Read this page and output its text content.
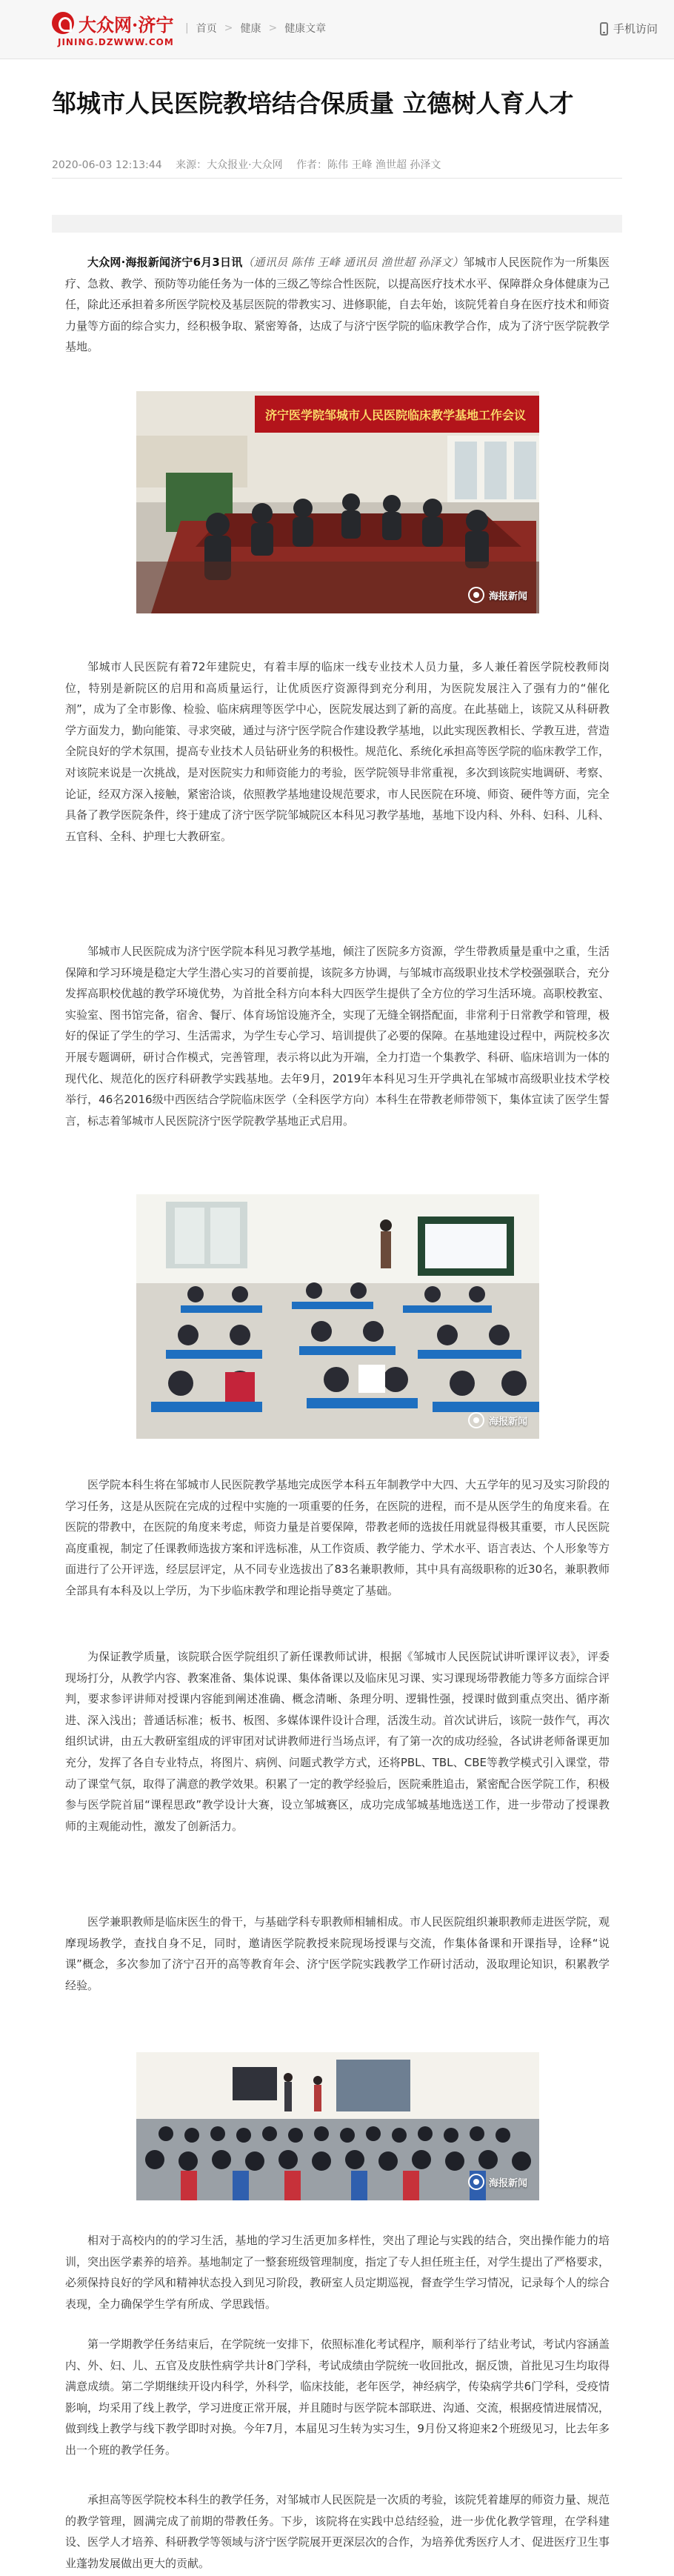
大众网·济宁
JINING.DZWWW.COM
| 首页 > 健康 > 健康文章	手机访问
邹城市人民医院教培结合保质量 立德树人育人才
2020-06-03 12:13:44 来源：大众报业·大众网 作者：陈伟 王峰 渔世超 孙泽文

大众网·海报新闻济宁6月3日讯（通讯员 陈伟 王峰 通讯员 渔世超 孙泽文）邹城市人民医院作为一所集医疗、急救、教学、预防等功能任务为一体的三级乙等综合性医院，以提高医疗技术水平、保障群众身体健康为己任，除此还承担着多所医学院校及基层医院的带教实习、进修职能，自去年始，该院凭着自身在医疗技术和师资力量等方面的综合实力，经积极争取、紧密筹备，达成了与济宁医学院的临床教学合作，成为了济宁医学院教学基地。

济宁医学院邹城市人民医院临床教学基地工作会议
海报新闻

邹城市人民医院有着72年建院史，有着丰厚的临床一线专业技术人员力量，多人兼任着医学院校教师岗位，特别是新院区的启用和高质量运行，让优质医疗资源得到充分利用，为医院发展注入了强有力的“催化剂”，成为了全市影像、检验、临床病理等医学中心，医院发展达到了新的高度。在此基础上，该院又从科研教学方面发力，勤向能策、寻求突破，通过与济宁医学院合作建设教学基地，以此实现医教相长、学教互进，营造全院良好的学术氛围，提高专业技术人员钻研业务的积极性。规范化、系统化承担高等医学院的临床教学工作，对该院来说是一次挑战，是对医院实力和师资能力的考验，医学院领导非常重视，多次到该院实地调研、考察、论证，经双方深入接触，紧密洽谈，依照教学基地建设规范要求，市人民医院在环境、师资、硬件等方面，完全具备了教学医院条件，终于建成了济宁医学院邹城院区本科见习教学基地，基地下设内科、外科、妇科、儿科、五官科、全科、护理七大教研室。

邹城市人民医院成为济宁医学院本科见习教学基地，倾注了医院多方资源，学生带教质量是重中之重，生活保障和学习环境是稳定大学生潜心实习的首要前提，该院多方协调，与邹城市高级职业技术学校强强联合，充分发挥高职校优越的教学环境优势，为首批全科方向本科大四医学生提供了全方位的学习生活环境。高职校教室、实验室、图书馆完备，宿舍、餐厅、体育场馆设施齐全，实现了无缝全钢搭配面，非常利于日常教学和管理，极好的保证了学生的学习、生活需求，为学生专心学习、培训提供了必要的保障。在基地建设过程中，两院校多次开展专题调研，研讨合作模式，完善管理，表示将以此为开端，全力打造一个集教学、科研、临床培训为一体的现代化、规范化的医疗科研教学实践基地。去年9月，2019年本科见习生开学典礼在邹城市高级职业技术学校举行，46名2016级中西医结合学院临床医学（全科医学方向）本科生在带教老师带领下，集体宣读了医学生誓言，标志着邹城市人民医院济宁医学院教学基地正式启用。

海报新闻

医学院本科生将在邹城市人民医院教学基地完成医学本科五年制教学中大四、大五学年的见习及实习阶段的学习任务，这是从医院在完成的过程中实施的一项重要的任务，在医院的进程，而不是从医学生的角度来看。在医院的带教中，在医院的角度来考虑，师资力量是首要保障，带教老师的选拔任用就显得极其重要，市人民医院高度重视，制定了任课教师选拔方案和评选标准，从工作资质、教学能力、学术水平、语言表达、个人形象等方面进行了公开评选，经层层评定，从不同专业选拔出了83名兼职教师，其中具有高级职称的近30名，兼职教师全部具有本科及以上学历，为下步临床教学和理论指导奠定了基础。

为保证教学质量，该院联合医学院组织了新任课教师试讲，根据《邹城市人民医院试讲听课评议表》，评委现场打分，从教学内容、教案准备、集体说课、集体备课以及临床见习课、实习课现场带教能力等多方面综合评判，要求参评讲师对授课内容能到阐述准确、概念清晰、条理分明、逻辑性强，授课时做到重点突出、循序渐进、深入浅出；普通话标准；板书、板图、多媒体课件设计合理，活泼生动。首次试讲后，该院一鼓作气，再次组织试讲，由五大教研室组成的评审团对试讲教师进行当场点评，有了第一次的成功经验，各试讲老师备课更加充分，发挥了各自专业特点，将图片、病例、问题式教学方式，还将PBL、TBL、CBE等教学模式引入课堂，带动了课堂气氛，取得了满意的教学效果。积累了一定的教学经验后，医院乘胜追击，紧密配合医学院工作，积极参与医学院首届“课程思政”教学设计大赛，设立邹城赛区，成功完成邹城基地选送工作，进一步带动了授课教师的主观能动性，激发了创新活力。

医学兼职教师是临床医生的骨干，与基础学科专职教师相辅相成。市人民医院组织兼职教师走进医学院，观摩现场教学，查找自身不足，同时，邀请医学院教授来院现场授课与交流，作集体备课和开课指导，诠释“说课”概念，多次参加了济宁召开的高等教育年会、济宁医学院实践教学工作研讨活动，汲取理论知识，积累教学经验。

海报新闻

相对于高校内的的学习生活，基地的学习生活更加多样性，突出了理论与实践的结合，突出操作能力的培训，突出医学素养的培养。基地制定了一整套班级管理制度，指定了专人担任班主任，对学生提出了严格要求，必须保持良好的学风和精神状态投入到见习阶段，教研室人员定期巡视，督查学生学习情况，记录每个人的综合表现，全力确保学生学有所成、学思践悟。

第一学期教学任务结束后，在学院统一安排下，依照标准化考试程序，顺利举行了结业考试，考试内容涵盖内、外、妇、儿、五官及皮肤性病学共计8门学科，考试成绩由学院统一收回批改，据反馈，首批见习生均取得满意成绩。第二学期继续开设内科学，外科学，临床技能，老年医学，神经病学，传染病学共6门学科，受疫情影响，均采用了线上教学，学习进度正常开展，并且随时与医学院本部联进、沟通、交流，根据疫情进展情况，做到线上教学与线下教学即时对换。今年7月，本届见习生转为实习生，9月份又将迎来2个班级见习，比去年多出一个班的教学任务。

承担高等医学院校本科生的教学任务，对邹城市人民医院是一次质的考验，该院凭着雄厚的师资力量、规范的教学管理，圆满完成了前期的带教任务。下步，该院将在实践中总结经验，进一步优化教学管理，在学科建设、医学人才培养、科研教学等领域与济宁医学院展开更深层次的合作，为培养优秀医疗人才、促进医疗卫生事业蓬勃发展做出更大的贡献。
